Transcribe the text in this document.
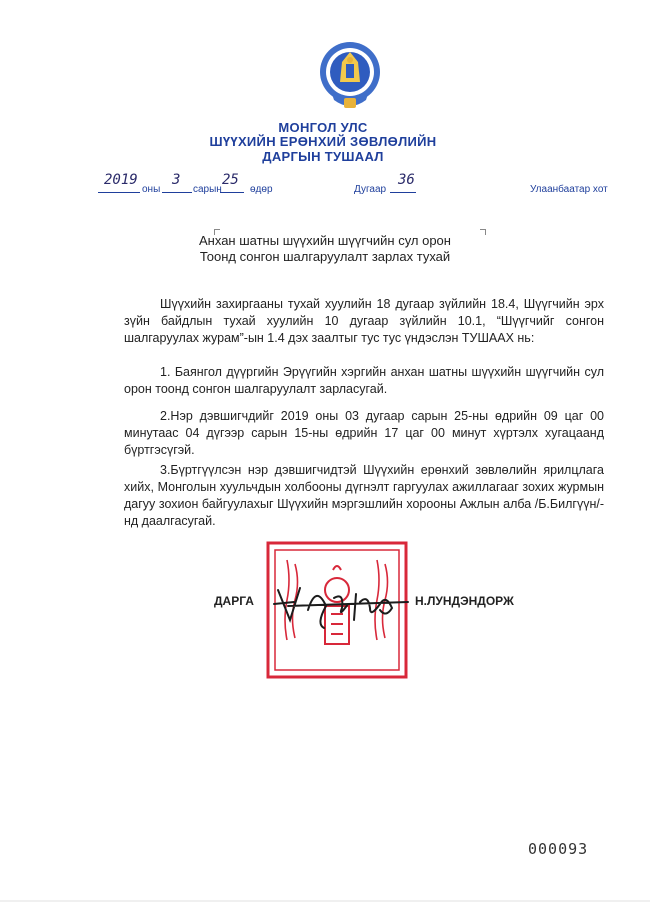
МОНГОЛ УЛС
ШҮҮХИЙН ЕРӨНХИЙ ЗӨВЛӨЛИЙН
ДАРГЫН ТУШААЛ
2019
оны
3
сарын
25
өдөр	Дугаар
36
Улаанбаатар хот
Анхан шатны шүүхийн шүүгчийн сул орон
Тоонд сонгон шалгаруулалт зарлах тухай
Шүүхийн захиргааны тухай хуулийн 18 дугаар зүйлийн 18.4, Шүүгчийн эрх зүйн байдлын тухай хуулийн 10 дугаар зүйлийн 10.1, “Шүүгчийг сонгон шалгаруулах журам”-ын 1.4 дэх заалтыг тус тус үндэслэн ТУШААХ нь:
1. Баянгол дүүргийн Эрүүгийн хэргийн анхан шатны шүүхийн шүүгчийн сул орон тоонд сонгон шалгаруулалт зарласугай.
2.Нэр дэвшигчдийг 2019 оны 03 дугаар сарын 25-ны өдрийн 09 цаг 00 минутаас 04 дүгээр сарын 15-ны өдрийн 17 цаг 00 минут хүртэлх хугацаанд бүртгэсүгэй.
3.Бүртгүүлсэн нэр дэвшигчидтэй Шүүхийн ерөнхий зөвлөлийн ярилцлага хийх, Монголын хуульчдын холбооны дүгнэлт гаргуулах ажиллагааг зохих журмын дагуу зохион байгуулахыг Шүүхийн мэргэшлийн хорооны Ажлын алба /Б.Билгүүн/-нд даалгасугай.
ДАРГА	Н.ЛУНДЭНДОРЖ
000093
